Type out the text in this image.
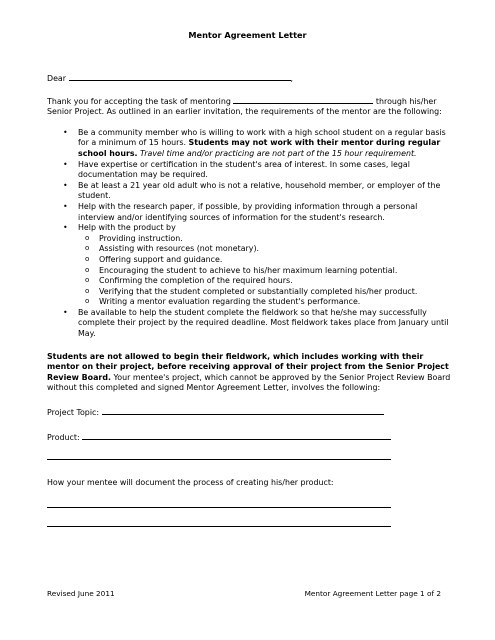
Mentor Agreement Letter

Dear	,

Thank you for accepting the task of mentoring	through his/her Senior Project. As outlined in an earlier invitation, the requirements of the mentor are the following:

• Be a community member who is willing to work with a high school student on a regular basis for a minimum of 15 hours. Students may not work with their mentor during regular school hours. Travel time and/or practicing are not part of the 15 hour requirement.
• Have expertise or certification in the student's area of interest. In some cases, legal documentation may be required.
• Be at least a 21 year old adult who is not a relative, household member, or employer of the student.
• Help with the research paper, if possible, by providing information through a personal interview and/or identifying sources of information for the student's research.
• Help with the product by
o Providing instruction.
o Assisting with resources (not monetary).
o Offering support and guidance.
o Encouraging the student to achieve to his/her maximum learning potential.
o Confirming the completion of the required hours.
o Verifying that the student completed or substantially completed his/her product.
o Writing a mentor evaluation regarding the student's performance.
• Be available to help the student complete the fieldwork so that he/she may successfully complete their project by the required deadline. Most fieldwork takes place from January until May.

Students are not allowed to begin their fieldwork, which includes working with their mentor on their project, before receiving approval of their project from the Senior Project Review Board. Your mentee's project, which cannot be approved by the Senior Project Review Board without this completed and signed Mentor Agreement Letter, involves the following:

Project Topic:

Product:

How your mentee will document the process of creating his/her product:

Revised June 2011	Mentor Agreement Letter page 1 of 2
